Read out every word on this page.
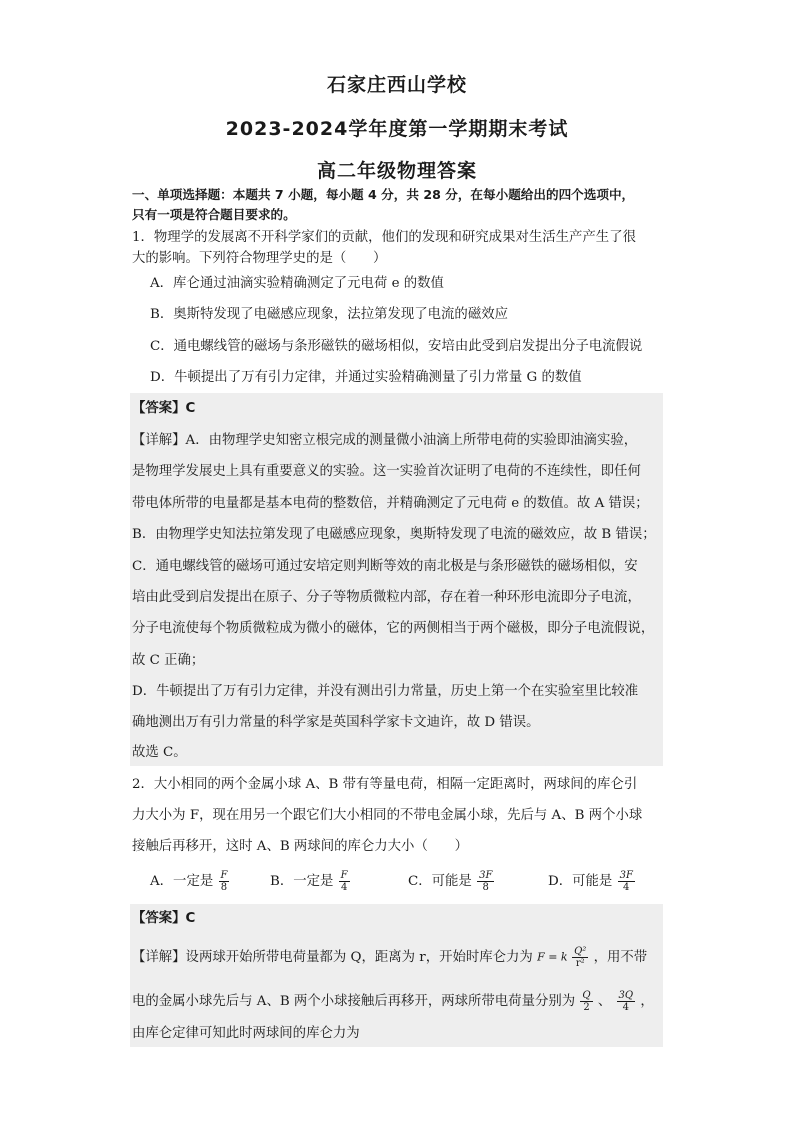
石家庄西山学校
2023-2024学年度第一学期期末考试
高二年级物理答案
一、单项选择题：本题共 7 小题，每小题 4 分，共 28 分，在每小题给出的四个选项中，
只有一项是符合题目要求的。
1．物理学的发展离不开科学家们的贡献，他们的发现和研究成果对生活生产产生了很
大的影响。下列符合物理学史的是（　　）
A．库仑通过油滴实验精确测定了元电荷 e 的数值
B．奥斯特发现了电磁感应现象，法拉第发现了电流的磁效应
C．通电螺线管的磁场与条形磁铁的磁场相似，安培由此受到启发提出分子电流假说
D．牛顿提出了万有引力定律，并通过实验精确测量了引力常量 G 的数值
【答案】C
【详解】A．由物理学史知密立根完成的测量微小油滴上所带电荷的实验即油滴实验，
是物理学发展史上具有重要意义的实验。这一实验首次证明了电荷的不连续性，即任何
带电体所带的电量都是基本电荷的整数倍，并精确测定了元电荷 e 的数值。故 A 错误；
B．由物理学史知法拉第发现了电磁感应现象，奥斯特发现了电流的磁效应，故 B 错误；
C．通电螺线管的磁场可通过安培定则判断等效的南北极是与条形磁铁的磁场相似，安
培由此受到启发提出在原子、分子等物质微粒内部，存在着一种环形电流即分子电流，
分子电流使每个物质微粒成为微小的磁体，它的两侧相当于两个磁极，即分子电流假说，
故 C 正确；
D．牛顿提出了万有引力定律，并没有测出引力常量，历史上第一个在实验室里比较准
确地测出万有引力常量的科学家是英国科学家卡文迪许，故 D 错误。
故选 C。
2．大小相同的两个金属小球 A、B 带有等量电荷，相隔一定距离时，两球间的库仑引
力大小为 F，现在用另一个跟它们大小相同的不带电金属小球，先后与 A、B 两个小球
接触后再移开，这时 A、B 两球间的库仑力大小（　　）
A．一定是 $\frac{F}{8}$	B．一定是 $\frac{F}{4}$	C．可能是 $\frac{3F}{8}$	D．可能是 $\frac{3F}{4}$
【答案】C
【详解】设两球开始所带电荷量都为 Q，距离为 r，开始时库仑力为 F = k $\frac{\text{Q²}}{\text{r²}}$ ，用不带
电的金属小球先后与 A、B 两个小球接触后再移开，两球所带电荷量分别为 $\frac{Q}{2}$ 、 $\frac{3Q}{4}$ ，
由库仑定律可知此时两球间的库仑力为
